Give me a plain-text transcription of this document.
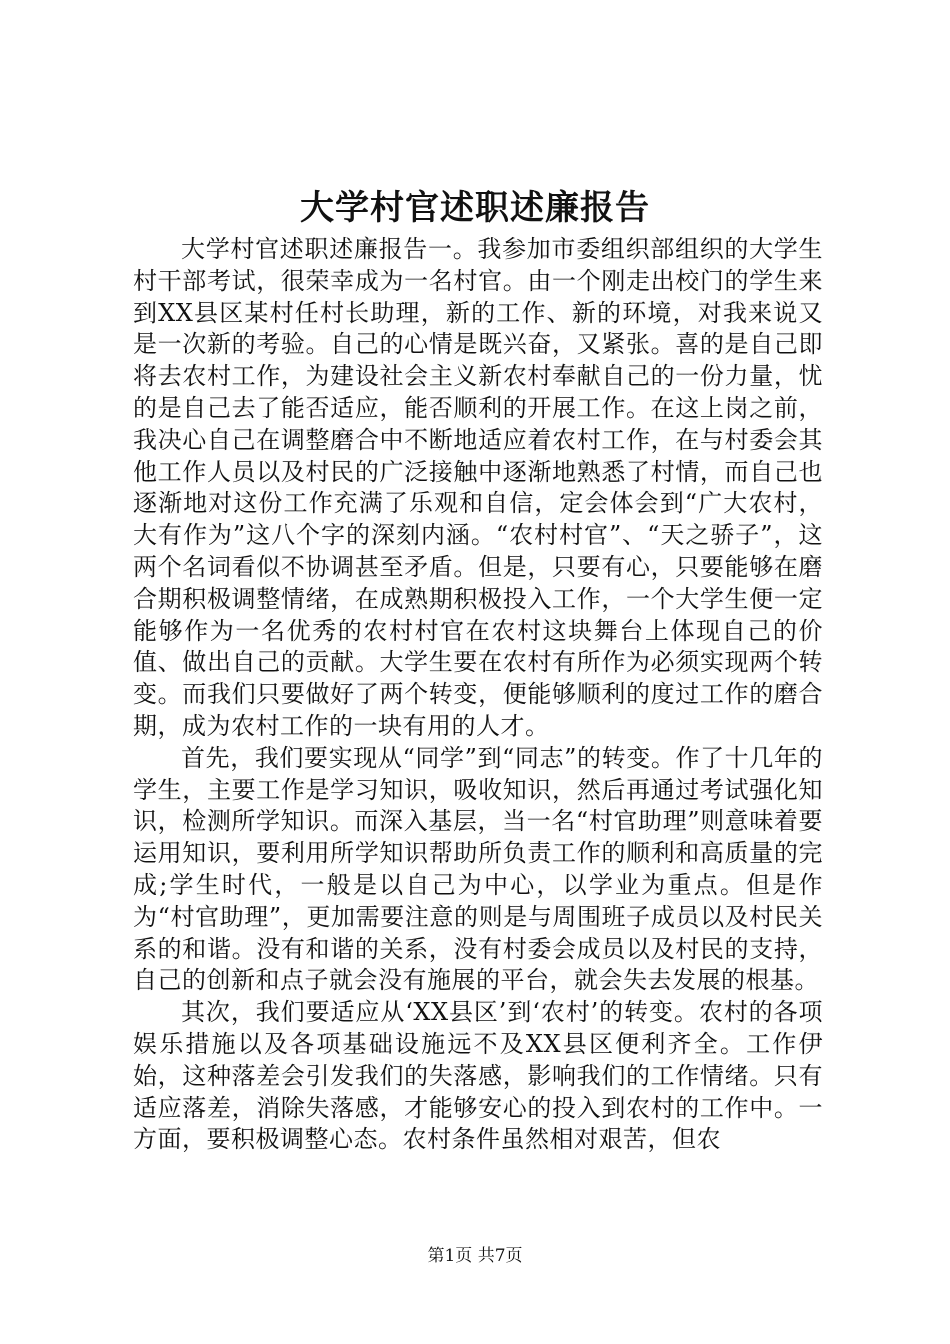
大学村官述职述廉报告

大学村官述职述廉报告一。我参加市委组织部组织的大学生村干部考试，很荣幸成为一名村官。由一个刚走出校门的学生来到XX县区某村任村长助理，新的工作、新的环境，对我来说又是一次新的考验。自己的心情是既兴奋，又紧张。喜的是自己即将去农村工作，为建设社会主义新农村奉献自己的一份力量，忧的是自己去了能否适应，能否顺利的开展工作。在这上岗之前，我决心自己在调整磨合中不断地适应着农村工作，在与村委会其他工作人员以及村民的广泛接触中逐渐地熟悉了村情，而自己也逐渐地对这份工作充满了乐观和自信，定会体会到“广大农村，大有作为”这八个字的深刻内涵。“农村村官”、“天之骄子”，这两个名词看似不协调甚至矛盾。但是，只要有心，只要能够在磨合期积极调整情绪，在成熟期积极投入工作，一个大学生便一定能够作为一名优秀的农村村官在农村这块舞台上体现自己的价值、做出自己的贡献。大学生要在农村有所作为必须实现两个转变。而我们只要做好了两个转变，便能够顺利的度过工作的磨合期，成为农村工作的一块有用的人才。

首先，我们要实现从“同学”到“同志”的转变。作了十几年的学生，主要工作是学习知识，吸收知识，然后再通过考试强化知识，检测所学知识。而深入基层，当一名“村官助理”则意味着要运用知识，要利用所学知识帮助所负责工作的顺利和高质量的完成;学生时代，一般是以自己为中心，以学业为重点。但是作为“村官助理”，更加需要注意的则是与周围班子成员以及村民关系的和谐。没有和谐的关系，没有村委会成员以及村民的支持，自己的创新和点子就会没有施展的平台，就会失去发展的根基。

其次，我们要适应从‘XX县区’到‘农村’的转变。农村的各项娱乐措施以及各项基础设施远不及XX县区便利齐全。工作伊始，这种落差会引发我们的失落感，影响我们的工作情绪。只有适应落差，消除失落感，才能够安心的投入到农村的工作中。一方面，要积极调整心态。农村条件虽然相对艰苦，但农

第1页 共7页
